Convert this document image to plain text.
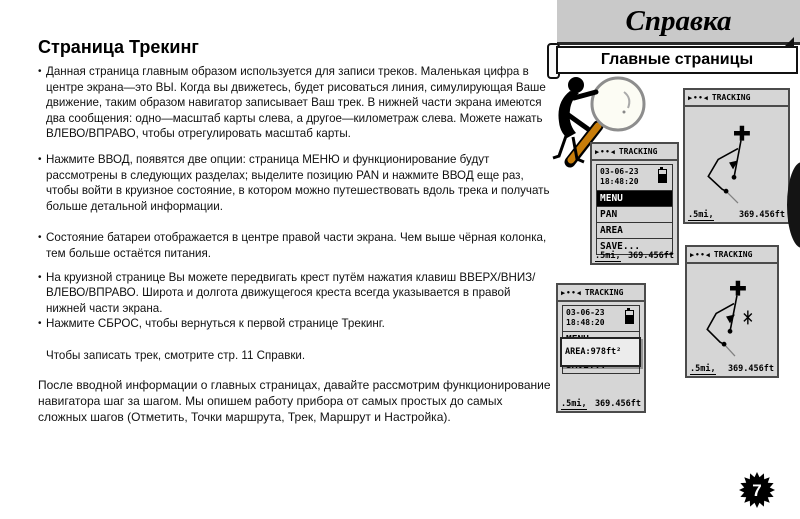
Страница Трекинг

• Данная страница главным образом используется для записи треков. Маленькая цифра в центре экрана—это ВЫ. Когда вы движетесь, будет рисоваться линия, симулирующая Ваше движение, таким образом навигатор записывает Ваш трек. В нижней части экрана имеются два сообщения: одно—масштаб карты слева, а другое—километраж слева. Можете нажать ВЛЕВО/ВПРАВО, чтобы отрегулировать масштаб карты.

• Нажмите ВВОД, появятся две опции: страница МЕНЮ и функционирование будут рассмотрены в следующих разделах; выделите позицию PAN и нажмите ВВОД еще раз, чтобы войти в круизное состояние, в котором можно путешествовать вдоль трека и получать больше детальной информации.

• Состояние батареи отображается в центре правой части экрана. Чем выше чёрная колонка, тем больше остаётся питания.

• На круизной странице Вы можете передвигать крест путём нажатия клавиш ВВЕРХ/ВНИЗ/ВЛЕВО/ВПРАВО. Широта и долгота движущегося креста всегда указывается в правой нижней части экрана.

• Нажмите СБРОС, чтобы вернуться к первой странице Трекинг.

Чтобы записать трек, смотрите стр. 11 Справки.

После вводной информации о главных страницах, давайте рассмотрим функционирование навигатора шаг за шагом. Мы опишем работу прибора от самых простых до самых сложных шагов (Отметить, Точки маршрута, Трек, Маршрут и Настройка).

Справка
Главные страницы
▶••◀ TRACKING
.5mi,	369.456ft
▶••◀ TRACKING
03-06-23
18:48:20
MENU
PAN
AREA
SAVE...
.5mi, 369.456ft ▶••◀ TRACKING
.5mi, 369.456ft
▶••◀ TRACKING
03-06-23
18:48:20
AREA:978ft²
.5mi, 369.456ft
7
